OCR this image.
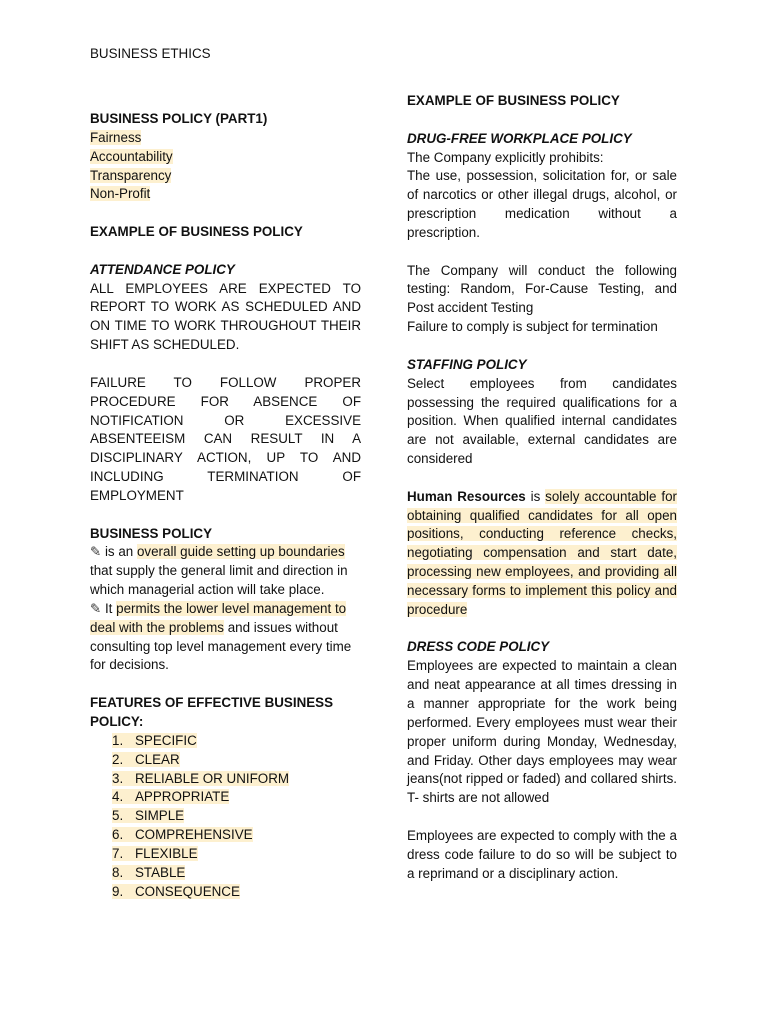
BUSINESS ETHICS
BUSINESS POLICY (PART1)
Fairness
Accountability
Transparency
Non-Profit
EXAMPLE OF BUSINESS POLICY
ATTENDANCE POLICY
ALL EMPLOYEES ARE EXPECTED TO REPORT TO WORK AS SCHEDULED AND ON TIME TO WORK THROUGHOUT THEIR SHIFT AS SCHEDULED.
FAILURE TO FOLLOW PROPER PROCEDURE FOR ABSENCE OF NOTIFICATION OR EXCESSIVE ABSENTEEISM CAN RESULT IN A DISCIPLINARY ACTION, UP TO AND INCLUDING TERMINATION OF EMPLOYMENT
BUSINESS POLICY
✎ is an overall guide setting up boundaries that supply the general limit and direction in which managerial action will take place.
✎ It permits the lower level management to deal with the problems and issues without consulting top level management every time for decisions.
FEATURES OF EFFECTIVE BUSINESS POLICY:
1. SPECIFIC
2. CLEAR
3. RELIABLE OR UNIFORM
4. APPROPRIATE
5. SIMPLE
6. COMPREHENSIVE
7. FLEXIBLE
8. STABLE
9. CONSEQUENCE
EXAMPLE OF BUSINESS POLICY
DRUG-FREE WORKPLACE POLICY
The Company explicitly prohibits:
The use, possession, solicitation for, or sale of narcotics or other illegal drugs, alcohol, or prescription medication without a prescription.
The Company will conduct the following testing: Random, For-Cause Testing, and Post accident Testing
Failure to comply is subject for termination
STAFFING POLICY
Select employees from candidates possessing the required qualifications for a position. When qualified internal candidates are not available, external candidates are considered
Human Resources is solely accountable for obtaining qualified candidates for all open positions, conducting reference checks, negotiating compensation and start date, processing new employees, and providing all necessary forms to implement this policy and procedure
DRESS CODE POLICY
Employees are expected to maintain a clean and neat appearance at all times dressing in a manner appropriate for the work being performed. Every employees must wear their proper uniform during Monday, Wednesday, and Friday. Other days employees may wear jeans(not ripped or faded) and collared shirts. T- shirts are not allowed
Employees are expected to comply with the a dress code failure to do so will be subject to a reprimand or a disciplinary action.
